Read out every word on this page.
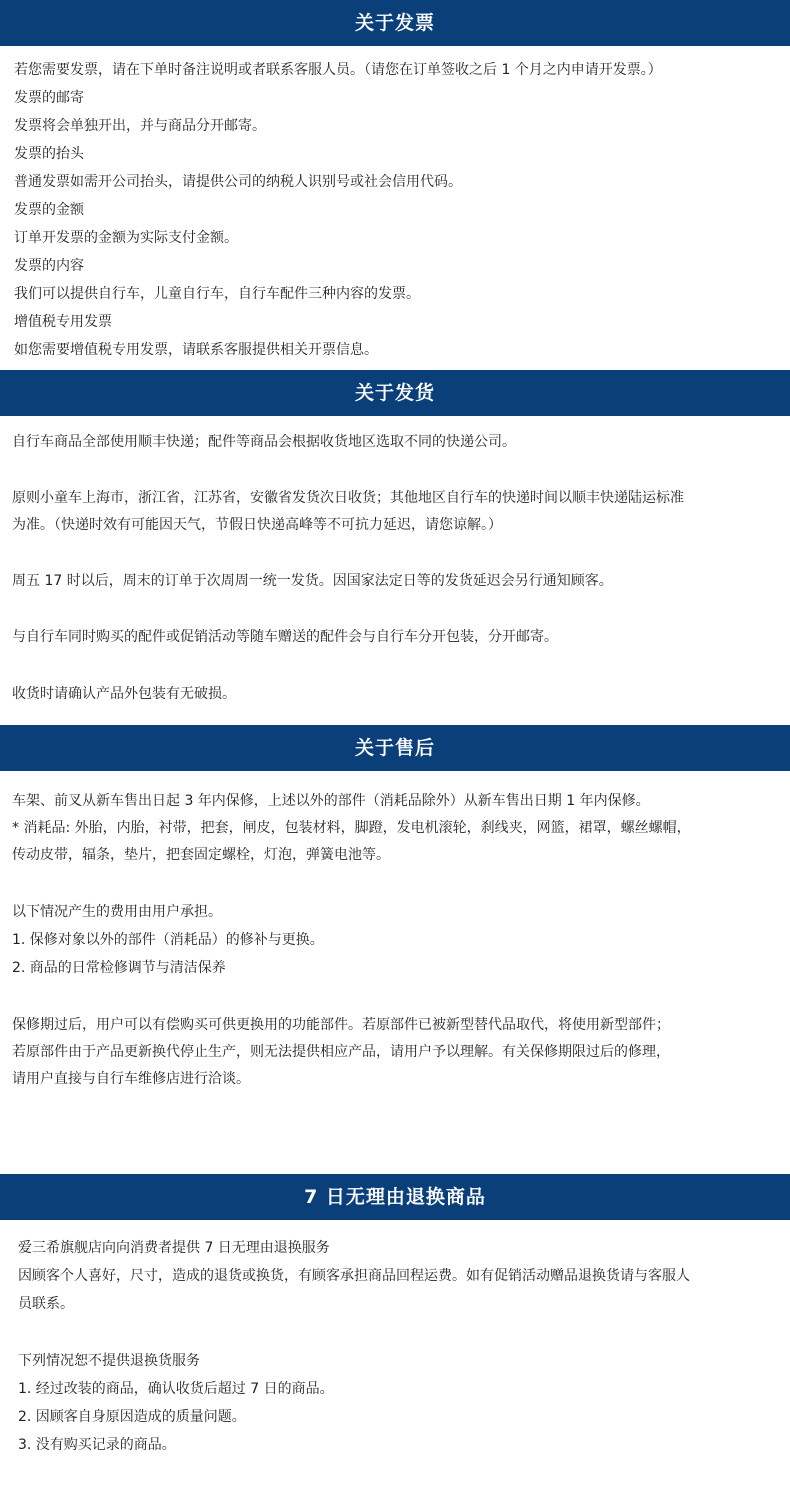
关于发票
若您需要发票，请在下单时备注说明或者联系客服人员。（请您在订单签收之后 1 个月之内申请开发票。）
发票的邮寄
发票将会单独开出，并与商品分开邮寄。
发票的抬头
普通发票如需开公司抬头，请提供公司的纳税人识别号或社会信用代码。
发票的金额
订单开发票的金额为实际支付金额。
发票的内容
我们可以提供自行车，儿童自行车，自行车配件三种内容的发票。
增值税专用发票
如您需要增值税专用发票，请联系客服提供相关开票信息。
关于发货
自行车商品全部使用顺丰快递；配件等商品会根据收货地区选取不同的快递公司。
原则小童车上海市，浙江省，江苏省，安徽省发货次日收货；其他地区自行车的快递时间以顺丰快递陆运标准
为准。（快递时效有可能因天气，节假日快递高峰等不可抗力延迟，请您谅解。）
周五 17 时以后，周末的订单于次周周一统一发货。因国家法定日等的发货延迟会另行通知顾客。
与自行车同时购买的配件或促销活动等随车赠送的配件会与自行车分开包装，分开邮寄。
收货时请确认产品外包装有无破损。
关于售后
车架、前叉从新车售出日起 3 年内保修，上述以外的部件（消耗品除外）从新车售出日期 1 年内保修。
* 消耗品: 外胎，内胎，衬带，把套，闸皮，包装材料，脚蹬，发电机滚轮，刹线夹，网篮，裙罩，螺丝螺帽，
传动皮带，辐条，垫片，把套固定螺栓，灯泡，弹簧电池等。
以下情况产生的费用由用户承担。
1. 保修对象以外的部件（消耗品）的修补与更换。
2. 商品的日常检修调节与清洁保养
保修期过后，用户可以有偿购买可供更换用的功能部件。若原部件已被新型替代品取代，将使用新型部件；
若原部件由于产品更新换代停止生产，则无法提供相应产品，请用户予以理解。有关保修期限过后的修理，
请用户直接与自行车维修店进行洽谈。
7 日无理由退换商品
爱三希旗舰店向向消费者提供 7 日无理由退换服务
因顾客个人喜好，尺寸，造成的退货或换货，有顾客承担商品回程运费。如有促销活动赠品退换货请与客服人
员联系。
下列情况恕不提供退换货服务
1. 经过改装的商品，确认收货后超过 7 日的商品。
2. 因顾客自身原因造成的质量问题。
3. 没有购买记录的商品。
